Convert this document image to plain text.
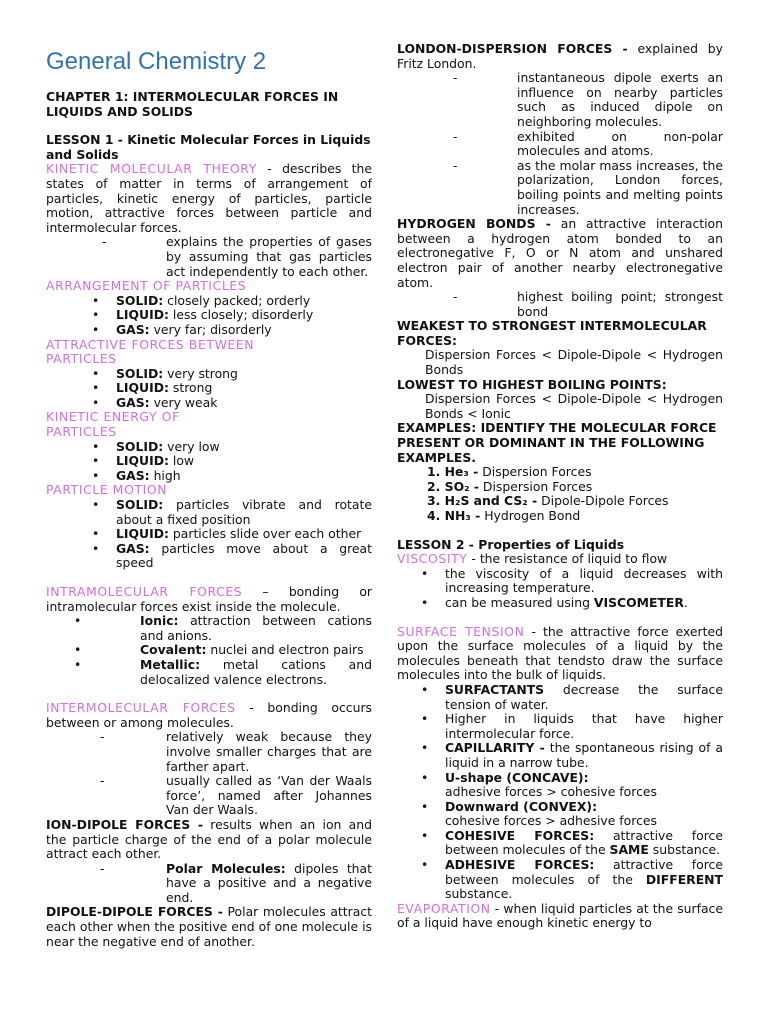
General Chemistry 2
CHAPTER 1: INTERMOLECULAR FORCES IN LIQUIDS AND SOLIDS
LESSON 1 - Kinetic Molecular Forces in Liquids and Solids
KINETIC MOLECULAR THEORY - describes the states of matter in terms of arrangement of particles, kinetic energy of particles, particle motion, attractive forces between particle and intermolecular forces.
-	explains the properties of gases by assuming that gas particles act independently to each other.
ARRANGEMENT OF PARTICLES
• SOLID: closely packed; orderly
• LIQUID: less closely; disorderly
• GAS: very far; disorderly
ATTRACTIVE FORCES BETWEEN PARTICLES
• SOLID: very strong
• LIQUID: strong
• GAS: very weak
KINETIC ENERGY OF PARTICLES
• SOLID: very low
• LIQUID: low
• GAS: high
PARTICLE MOTION
• SOLID: particles vibrate and rotate about a fixed position
• LIQUID: particles slide over each other
• GAS: particles move about a great speed
INTRAMOLECULAR FORCES – bonding or intramolecular forces exist inside the molecule.
• Ionic: attraction between cations and anions.
• Covalent: nuclei and electron pairs
• Metallic: metal cations and delocalized valence electrons.
INTERMOLECULAR FORCES - bonding occurs between or among molecules.
-	relatively weak because they involve smaller charges that are farther apart.
-	usually called as ‘Van der Waals force’, named after Johannes Van der Waals.
ION-DIPOLE FORCES - results when an ion and the particle charge of the end of a polar molecule attract each other.
-	Polar Molecules: dipoles that have a positive and a negative end.
DIPOLE-DIPOLE FORCES - Polar molecules attract each other when the positive end of one molecule is near the negative end of another.
LONDON-DISPERSION FORCES - explained by Fritz London.
-	instantaneous dipole exerts an influence on nearby particles such as induced dipole on neighboring molecules.
-	exhibited on non-polar molecules and atoms.
-	as the molar mass increases, the polarization, London forces, boiling points and melting points increases.
HYDROGEN BONDS - an attractive interaction between a hydrogen atom bonded to an electronegative F, O or N atom and unshared electron pair of another nearby electronegative atom.
-	highest boiling point; strongest bond
WEAKEST TO STRONGEST INTERMOLECULAR FORCES:
Dispersion Forces < Dipole-Dipole < Hydrogen Bonds
LOWEST TO HIGHEST BOILING POINTS:
Dispersion Forces < Dipole-Dipole < Hydrogen Bonds < Ionic
EXAMPLES: IDENTIFY THE MOLECULAR FORCE PRESENT OR DOMINANT IN THE FOLLOWING EXAMPLES.
1. He₃ - Dispersion Forces
2. SO₂ - Dispersion Forces
3. H₂S and CS₂ - Dipole-Dipole Forces
4. NH₃ - Hydrogen Bond
LESSON 2 - Properties of Liquids
VISCOSITY - the resistance of liquid to flow
• the viscosity of a liquid decreases with increasing temperature.
• can be measured using VISCOMETER.
SURFACE TENSION - the attractive force exerted upon the surface molecules of a liquid by the molecules beneath that tendsto draw the surface molecules into the bulk of liquids.
• SURFACTANTS decrease the surface tension of water.
• Higher in liquids that have higher intermolecular force.
• CAPILLARITY - the spontaneous rising of a liquid in a narrow tube.
• U-shape (CONCAVE):
adhesive forces > cohesive forces
• Downward (CONVEX):
cohesive forces > adhesive forces
• COHESIVE FORCES: attractive force between molecules of the SAME substance.
• ADHESIVE FORCES: attractive force between molecules of the DIFFERENT substance.
EVAPORATION - when liquid particles at the surface of a liquid have enough kinetic energy to
